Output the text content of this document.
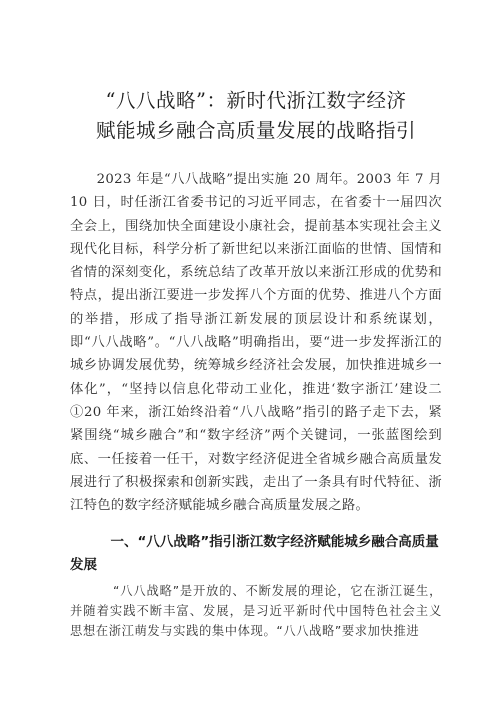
“八八战略”：新时代浙江数字经济
赋能城乡融合高质量发展的战略指引

2023 年是“八八战略”提出实施 20 周年。2003 年 7 月 10 日，时任浙江省委书记的习近平同志，在省委十一届四次全会上，围绕加快全面建设小康社会，提前基本实现社会主义现代化目标，科学分析了新世纪以来浙江面临的世情、国情和省情的深刻变化，系统总结了改革开放以来浙江形成的优势和特点，提出浙江要进一步发挥八个方面的优势、推进八个方面的举措，形成了指导浙江新发展的顶层设计和系统谋划，即“八八战略”。“八八战略”明确指出，要“进一步发挥浙江的城乡协调发展优势，统筹城乡经济社会发展，加快推进城乡一体化”，“坚持以信息化带动工业化，推进‘数字浙江’建设二①20 年来，浙江始终沿着“八八战略”指引的路子走下去，紧紧围绕“城乡融合”和“数字经济”两个关键词，一张蓝图绘到底、一任接着一任干，对数字经济促进全省城乡融合高质量发展进行了积极探索和创新实践，走出了一条具有时代特征、浙江特色的数字经济赋能城乡融合高质量发展之路。

一、“八八战略”指引浙江数字经济赋能城乡融合高质量发展

“八八战略”是开放的、不断发展的理论，它在浙江诞生，并随着实践不断丰富、发展，是习近平新时代中国特色社会主义思想在浙江萌发与实践的集中体现。“八八战略”要求加快推进
